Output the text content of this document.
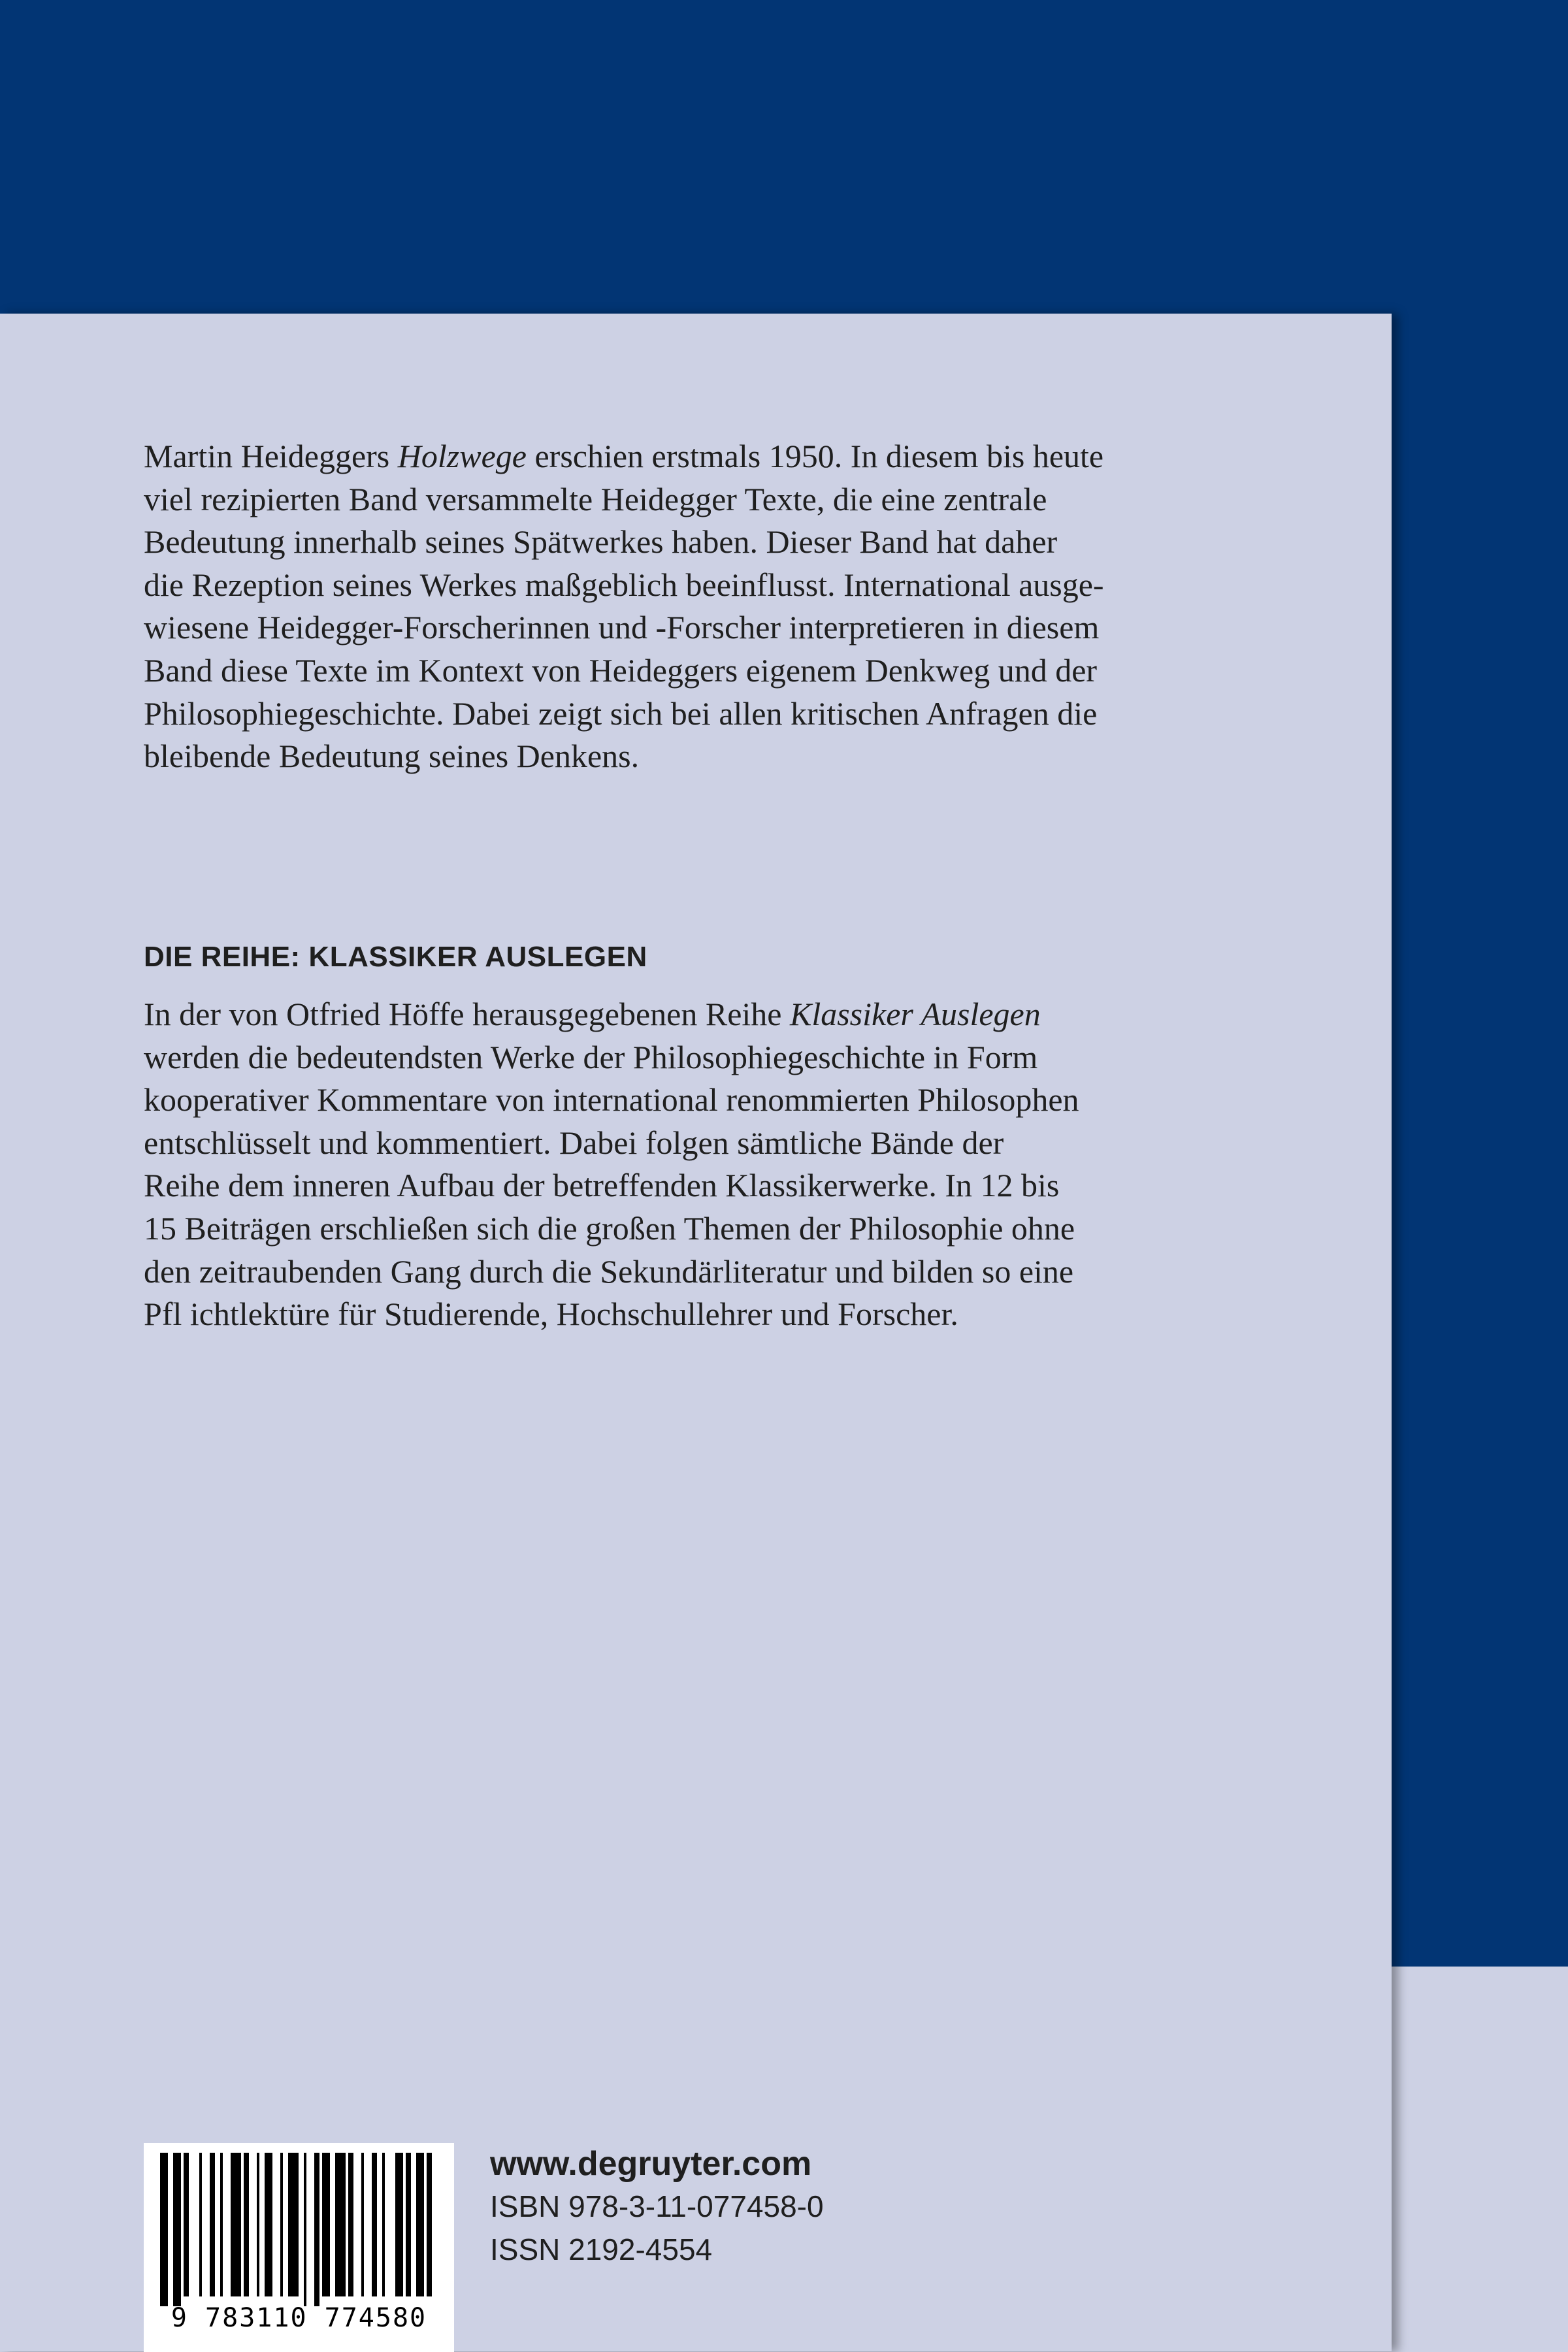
Martin Heideggers Holzwege erschien erstmals 1950. In diesem bis heute
viel rezipierten Band versammelte Heidegger Texte, die eine zentrale
Bedeutung innerhalb seines Spätwerkes haben. Dieser Band hat daher
die Rezeption seines Werkes maßgeblich beeinflusst. International ausge-
wiesene Heidegger-Forscherinnen und -Forscher interpretieren in diesem
Band diese Texte im Kontext von Heideggers eigenem Denkweg und der
Philosophiegeschichte. Dabei zeigt sich bei allen kritischen Anfragen die
bleibende Bedeutung seines Denkens.

DIE REIHE: KLASSIKER AUSLEGEN

In der von Otfried Höffe herausgegebenen Reihe Klassiker Auslegen
werden die bedeutendsten Werke der Philosophiegeschichte in Form
kooperativer Kommentare von international renommierten Philosophen
entschlüsselt und kommentiert. Dabei folgen sämtliche Bände der
Reihe dem inneren Aufbau der betreffenden Klassikerwerke. In 12 bis
15 Beiträgen erschließen sich die großen Themen der Philosophie ohne
den zeitraubenden Gang durch die Sekundärliteratur und bilden so eine
Pfl ichtlektüre für Studierende, Hochschullehrer und Forscher.

9 783110 774580
www.degruyter.com
ISBN 978-3-11-077458-0
ISSN 2192-4554
